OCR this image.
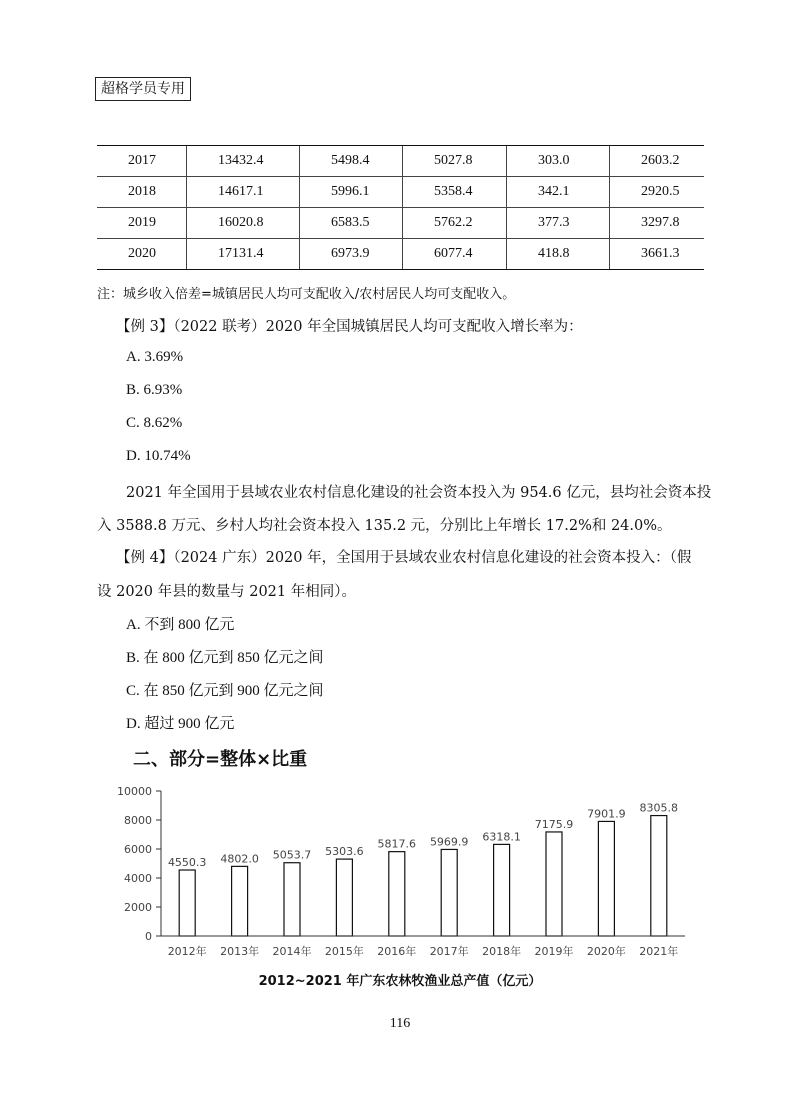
超格学员专用
2017	13432.4	5498.4	5027.8	303.0	2603.2
2018	14617.1	5996.1	5358.4	342.1	2920.5
2019	16020.8	6583.5	5762.2	377.3	3297.8
2020	17131.4	6973.9	6077.4	418.8	3661.3
注：城乡收入倍差=城镇居民人均可支配收入/农村居民人均可支配收入。
【例 3】（2022 联考）2020 年全国城镇居民人均可支配收入增长率为：
A. 3.69%
B. 6.93%
C. 8.62%
D. 10.74%
2021 年全国用于县域农业农村信息化建设的社会资本投入为 954.6 亿元，县均社会资本投
入 3588.8 万元、乡村人均社会资本投入 135.2 元，分别比上年增长 17.2%和 24.0%。
【例 4】（2024 广东）2020 年，全国用于县域农业农村信息化建设的社会资本投入：（假
设 2020 年县的数量与 2021 年相同）。
A. 不到 800 亿元
B. 在 800 亿元到 850 亿元之间
C. 在 850 亿元到 900 亿元之间
D. 超过 900 亿元
二、部分=整体×比重
0
2000
4000
6000
8000
10000
4550.3 4802.0 5053.7 5303.6
5817.6 5969.9 6318.1
7175.9
7901.9 8305.8
2012年 2013年 2014年 2015年 2016年 2017年 2018年 2019年 2020年 2021年
2012~2021 年广东农林牧渔业总产值（亿元）
116
